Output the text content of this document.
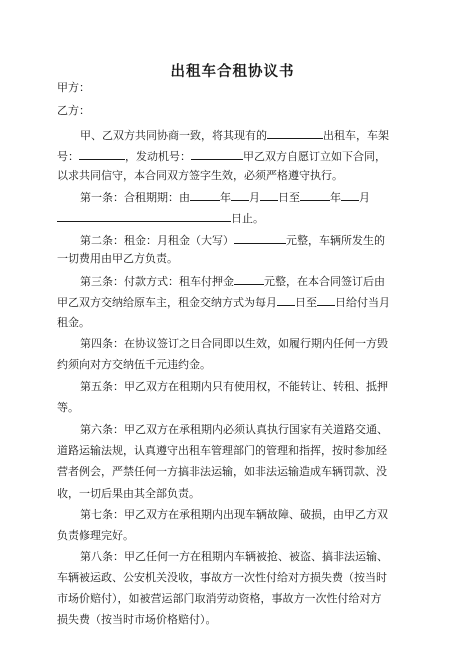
出租车合租协议书
甲方：
乙方：
甲、乙双方共同协商一致，将其现有的	出租车，车架
号：	，发动机号：	甲乙双方自愿订立如下合同，
以求共同信守，本合同双方签字生效，必须严格遵守执行。
第一条：合租期期：由	年 月 日至	年 月
日止。
第二条：租金：月租金（大写）	元整，车辆所发生的
一切费用由甲乙方负责。
第三条：付款方式：租车付押金	元整，在本合同签订后由
甲乙双方交纳给原车主，租金交纳方式为每月 日至 日给付当月
租金。
第四条：在协议签订之日合同即以生效，如履行期内任何一方毁
约须向对方交纳伍千元违约金。
第五条：甲乙双方在租期内只有使用权，不能转让、转租、抵押
等。
第六条：甲乙双方在承租期内必须认真执行国家有关道路交通、
道路运输法规，认真遵守出租车管理部门的管理和指挥，按时参加经
营者例会，严禁任何一方搞非法运输，如非法运输造成车辆罚款、没
收，一切后果由其全部负责。
第七条：甲乙双方在承租期内出现车辆故障、破损，由甲乙方双
负责修理完好。
第八条：甲乙任何一方在租期内车辆被抢、被盗、搞非法运输、
车辆被运政、公安机关没收，事故方一次性付给对方损失费（按当时
市场价赔付），如被营运部门取消劳动资格，事故方一次性付给对方
损失费（按当时市场价格赔付）。
